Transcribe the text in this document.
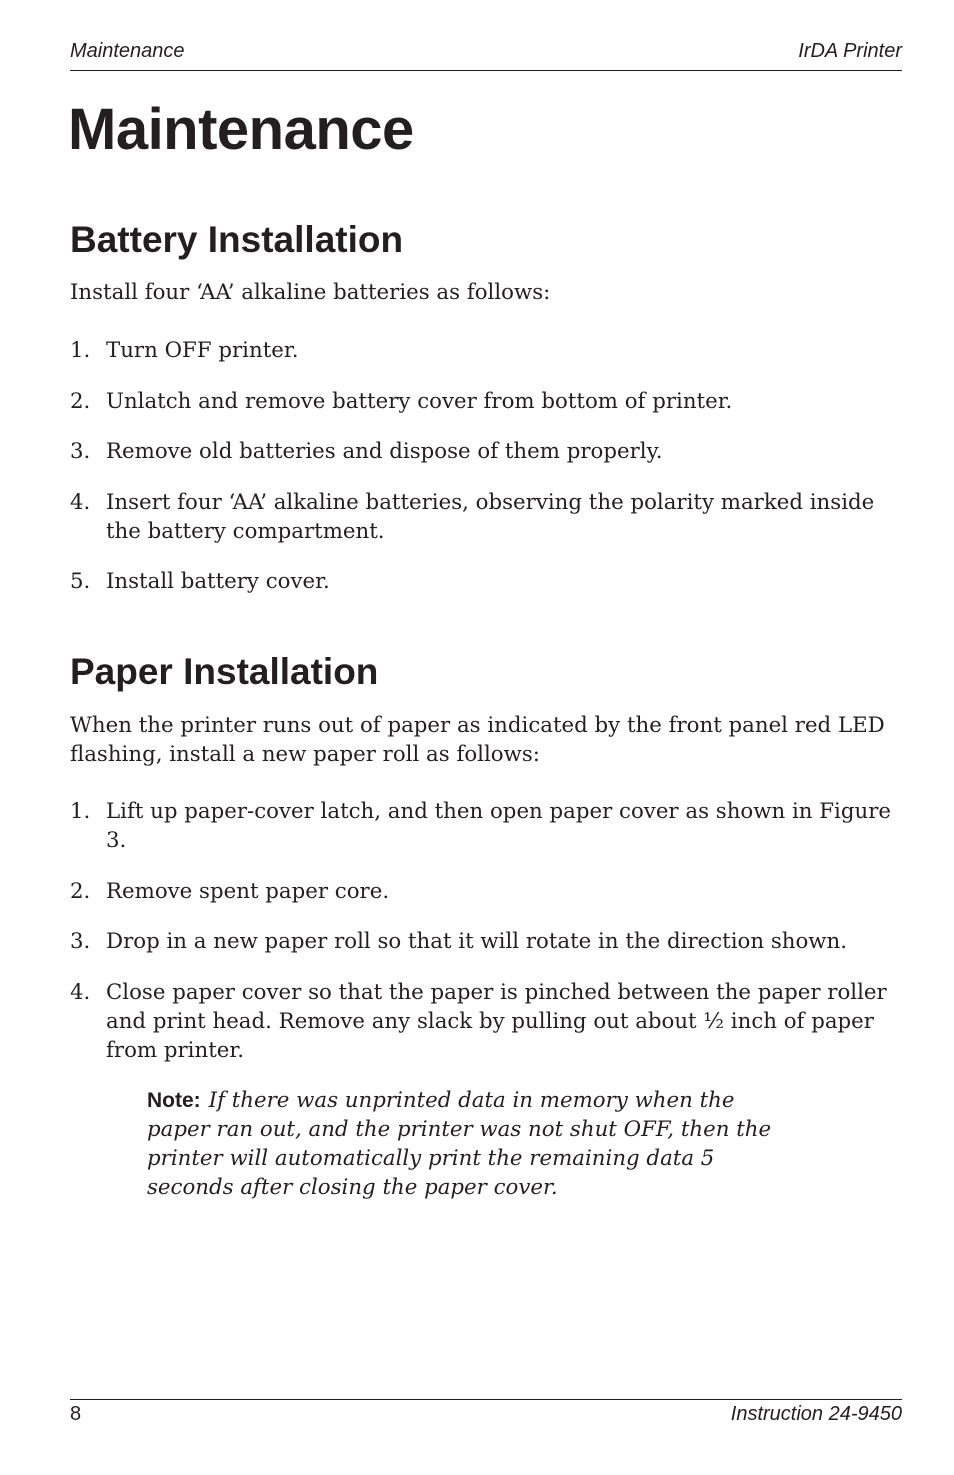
Maintenance	IrDA Printer
Maintenance
Battery Installation

Install four ‘AA’ alkaline batteries as follows:

1. Turn OFF printer.
2. Unlatch and remove battery cover from bottom of printer.
3. Remove old batteries and dispose of them properly.
4. Insert four ‘AA’ alkaline batteries, observing the polarity marked inside the battery compartment.
5. Install battery cover.
Paper Installation

When the printer runs out of paper as indicated by the front panel red LED flashing, install a new paper roll as follows:

1. Lift up paper-cover latch, and then open paper cover as shown in Figure 3.
2. Remove spent paper core.
3. Drop in a new paper roll so that it will rotate in the direction shown.
4. Close paper cover so that the paper is pinched between the paper roller and print head. Remove any slack by pulling out about ½ inch of paper from printer.
Note: If there was unprinted data in memory when the paper ran out, and the printer was not shut OFF, then the printer will automatically print the remaining data 5 seconds after closing the paper cover.
8	Instruction 24-9450
